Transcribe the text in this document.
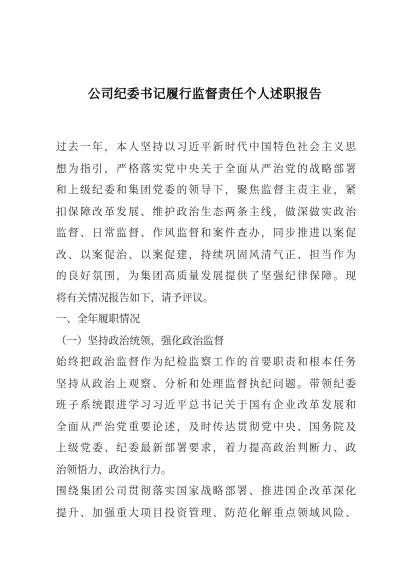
公司纪委书记履行监督责任个人述职报告
过去一年，本人坚持以习近平新时代中国特色社会主义思
想为指引，严格落实党中央关于全面从严治党的战略部署
和上级纪委和集团党委的领导下，聚焦监督主责主业，紧
扣保障改革发展、维护政治生态两条主线，做深做实政治
监督、日常监督、作风监督和案件查办，同步推进以案促
改、以案促治、以案促建，持续巩固风清气正、担当作为
的良好氛围，为集团高质量发展提供了坚强纪律保障。现
将有关情况报告如下，请予评议。
一、全年履职情况
（一）坚持政治统领，强化政治监督
始终把政治监督作为纪检监察工作的首要职责和根本任务
坚持从政治上观察、分析和处理监督执纪问题。带领纪委
班子系统跟进学习习近平总书记关于国有企业改革发展和
全面从严治党重要论述，及时传达贯彻党中央、国务院及
上级党委、纪委最新部署要求，着力提高政治判断力、政
治领悟力、政治执行力。
围绕集团公司贯彻落实国家战略部署、推进国企改革深化
提升、加强重大项目投资管理、防范化解重点领域风险、
